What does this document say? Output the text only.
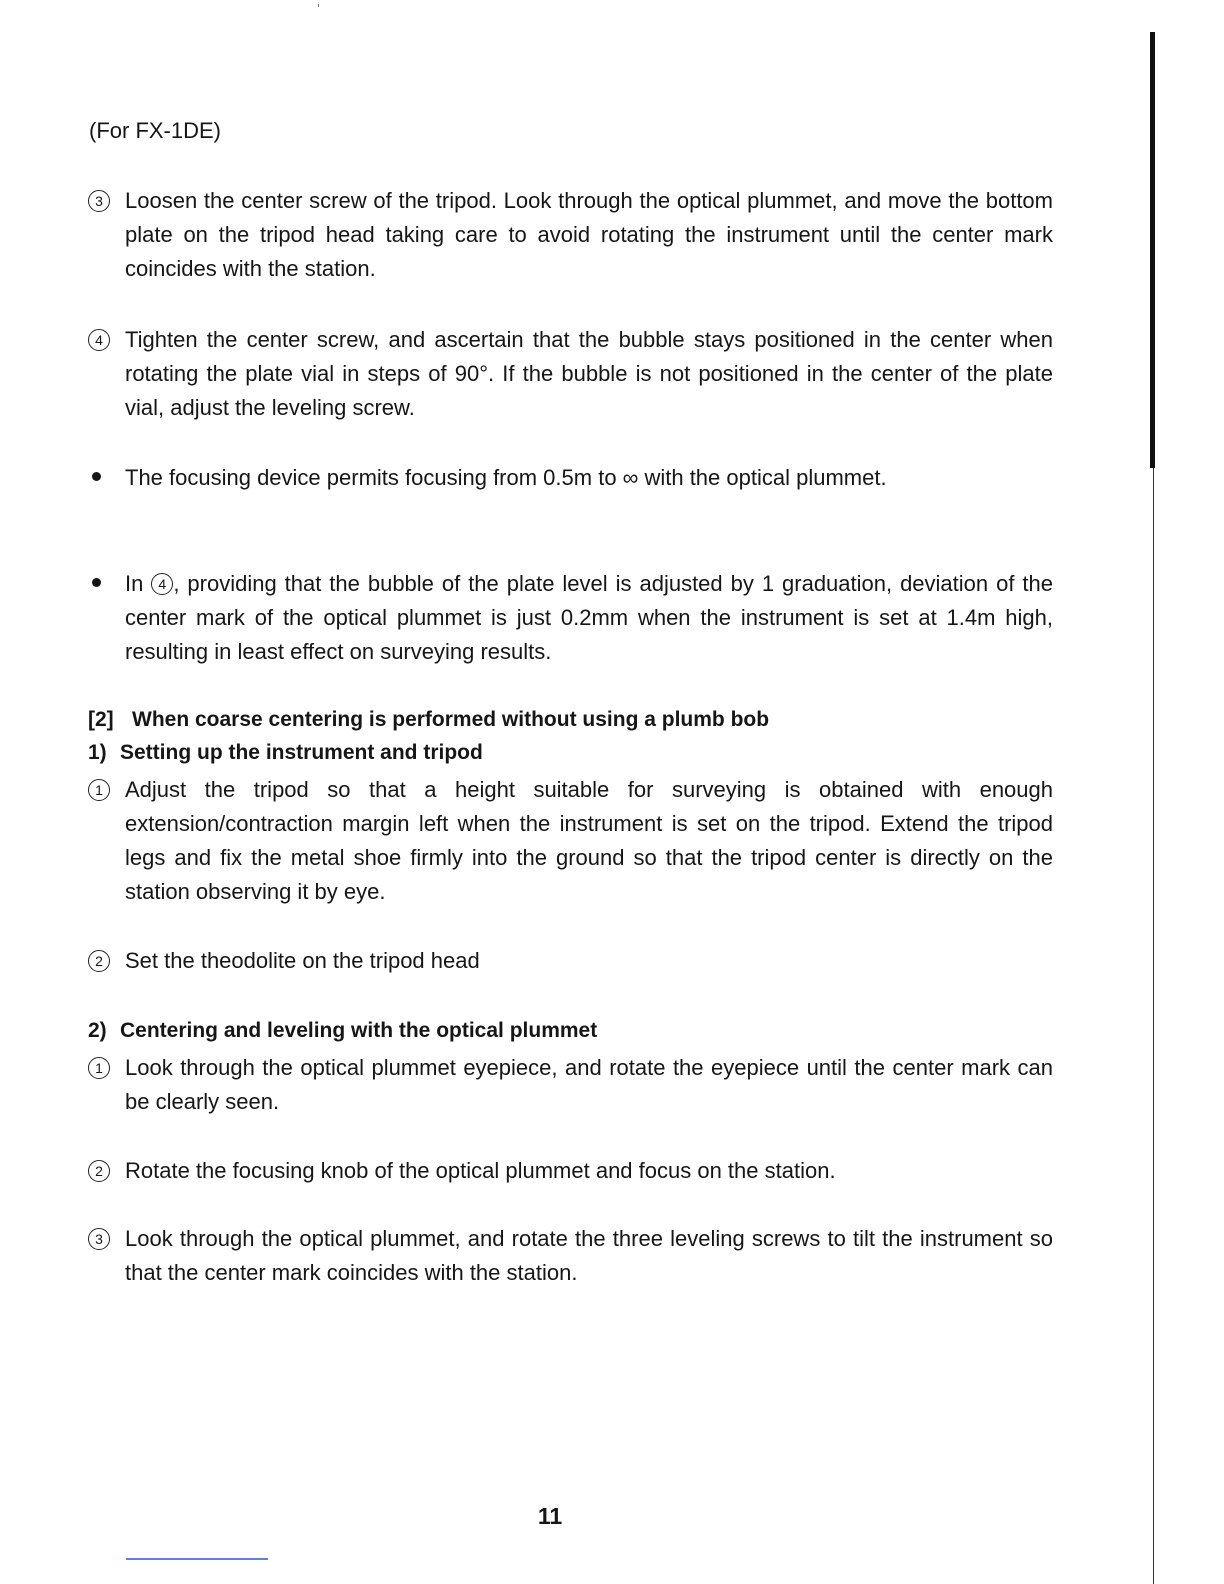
(For FX-1DE)

3	Loosen the center screw of the tripod. Look through the optical plummet, and move the bottom plate on the tripod head taking care to avoid rotating the instrument until the center mark coincides with the station.
4	Tighten the center screw, and ascertain that the bubble stays positioned in the center when rotating the plate vial in steps of 90°. If the bubble is not positioned in the center of the plate vial, adjust the leveling screw.
The focusing device permits focusing from 0.5m to ∞ with the optical plummet.
In 4 , providing that the bubble of the plate level is adjusted by 1 graduation, deviation of the center mark of the optical plummet is just 0.2mm when the instrument is set at 1.4m high, resulting in least effect on surveying results.

[2] When coarse centering is performed without using a plumb bob

1) Setting up the instrument and tripod

1	Adjust the tripod so that a height suitable for surveying is obtained with enough extension/contraction margin left when the instrument is set on the tripod. Extend the tripod legs and fix the metal shoe firmly into the ground so that the tripod center is directly on the station observing it by eye.
2	Set the theodolite on the tripod head

2) Centering and leveling with the optical plummet

1	Look through the optical plummet eyepiece, and rotate the eyepiece until the center mark can be clearly seen.
2	Rotate the focusing knob of the optical plummet and focus on the station.
3	Look through the optical plummet, and rotate the three leveling screws to tilt the instrument so that the center mark coincides with the station.

11
